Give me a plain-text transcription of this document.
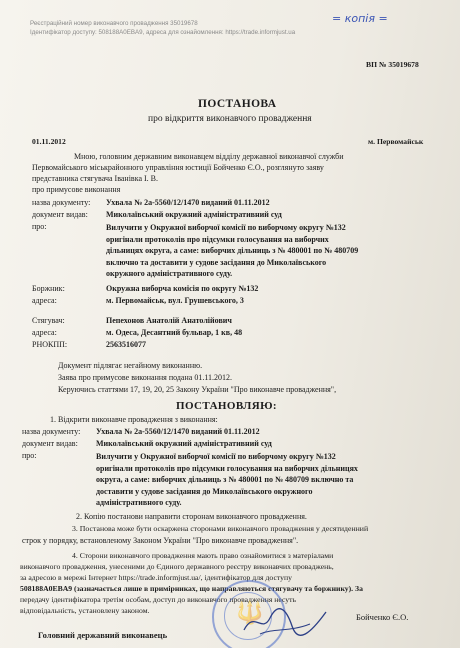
Реєстраційний номер виконавчого провадження 35019678
Ідентифікатор доступу: 508188A0EBA9, адреса для ознайомлення: https://trade.informjust.ua
= копія =
ВП № 35019678
ПОСТАНОВА
про відкриття виконавчого провадження
01.11.2012	м. Первомайськ
Мною, головним державним виконавцем відділу державної виконавчої служби
Первомайського міськрайонного управління юстиції Бойченко Є.О., розглянуто заяву
представника стягувача Іванівка І. В.
про примусове виконання
назва документу: Ухвала № 2а-5560/12/1470 виданий 01.11.2012
документ видав: Миколаївський окружний адміністративний суд
про:	Вилучити у Окружної виборчої комісії по виборчому округу №132
оригінали протоколів про підсумки голосування на виборчих
дільницях округа, а саме: виборчих дільниць з № 480001 по № 480709
включно та доставити у судове засідання до Миколаївського
окружного адміністративного суду.
Боржник:	Окружна виборча комісія по округу №132
адреса:	м. Первомайськ, вул. Грушевського, 3
Стягувач:	Пепехонов Анатолій Анатолійович
адреса:	м. Одеса, Десантний бульвар, 1 кв, 48
РНОКПП:	2563516077
Документ підлягає негайному виконанню.
Заява про примусове виконання подана 01.11.2012.
Керуючись статтями 17, 19, 20, 25 Закону України "Про виконавче провадження",
ПОСТАНОВЛЯЮ:
1. Відкрити виконавче провадження з виконання:
назва документу: Ухвала № 2а-5560/12/1470 виданий 01.11.2012
документ видав: Миколаївський окружний адміністративний суд
про:	Вилучити у Окружної виборчої комісії по виборчому округу №132
оригінали протоколів про підсумки голосування на виборчих дільницях
округа, а саме: виборчих дільниць з № 480001 по № 480709 включно та
доставити у судове засідання до Миколаївського окружного
адміністративного суду.
2. Копію постанови направити сторонам виконавчого провадження.
3. Постанова може бути оскаржена сторонами виконавчого провадження у десятиденний
строк у порядку, встановленому Законом України "Про виконавче провадження".
4. Сторони виконавчого провадження мають право ознайомитися з матеріалами
виконавчого провадження, унесеними до Єдиного державного реєстру виконавчих проваджень,
за адресою в мережі Інтернет https://trade.informjust.ua/, ідентифікатор для доступу
508188A0EBA9 (зазначається лише в примірниках, що направляються стягувачу та боржнику). Зa
передачу ідентифікатора третім особам, доступ до виконавчого провадження несуть
відповідальність, установлену законом.	🔱
Головний державний виконавець
Бойченко Є.О.
